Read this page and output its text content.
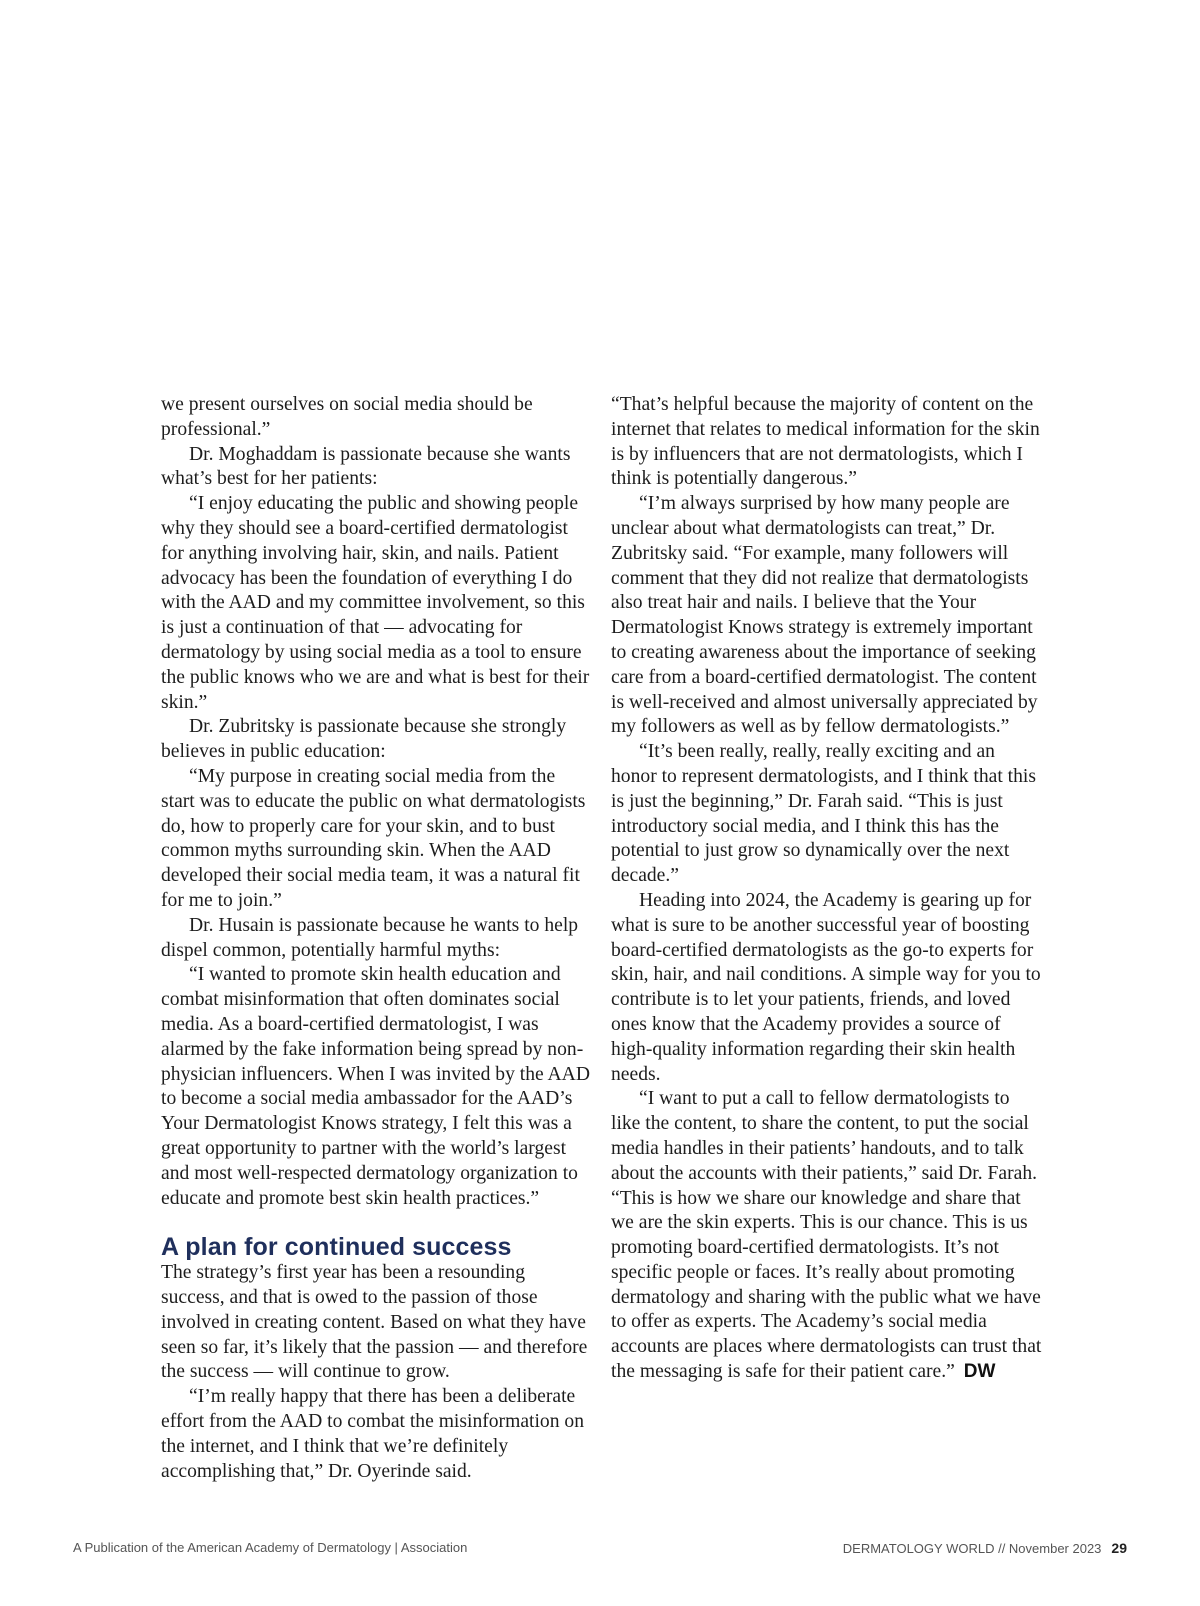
we present ourselves on social media should be professional.”

Dr. Moghaddam is passionate because she wants what’s best for her patients:

“I enjoy educating the public and showing people why they should see a board-certified dermatologist for anything involving hair, skin, and nails. Patient advocacy has been the foundation of everything I do with the AAD and my committee involvement, so this is just a continuation of that — advocating for dermatology by using social media as a tool to ensure the public knows who we are and what is best for their skin.”

Dr. Zubritsky is passionate because she strongly believes in public education:

“My purpose in creating social media from the start was to educate the public on what dermatologists do, how to properly care for your skin, and to bust common myths surrounding skin. When the AAD developed their social media team, it was a natural fit for me to join.”

Dr. Husain is passionate because he wants to help dispel common, potentially harmful myths:

“I wanted to promote skin health education and combat misinformation that often dominates social media. As a board-certified dermatologist, I was alarmed by the fake information being spread by non-physician influencers. When I was invited by the AAD to become a social media ambassador for the AAD’s Your Dermatologist Knows strategy, I felt this was a great opportunity to partner with the world’s largest and most well-respected dermatology organization to educate and promote best skin health practices.”

A plan for continued success

The strategy’s first year has been a resounding success, and that is owed to the passion of those involved in creating content. Based on what they have seen so far, it’s likely that the passion — and therefore the success — will continue to grow.

“I’m really happy that there has been a deliberate effort from the AAD to combat the misinformation on the internet, and I think that we’re definitely accomplishing that,” Dr. Oyerinde said.

“That’s helpful because the majority of content on the internet that relates to medical information for the skin is by influencers that are not dermatologists, which I think is potentially dangerous.”

“I’m always surprised by how many people are unclear about what dermatologists can treat,” Dr. Zubritsky said. “For example, many followers will comment that they did not realize that dermatologists also treat hair and nails. I believe that the Your Dermatologist Knows strategy is extremely important to creating awareness about the importance of seeking care from a board-certified dermatologist. The content is well-received and almost universally appreciated by my followers as well as by fellow dermatologists.”

“It’s been really, really, really exciting and an honor to represent dermatologists, and I think that this is just the beginning,” Dr. Farah said. “This is just introductory social media, and I think this has the potential to just grow so dynamically over the next decade.”

Heading into 2024, the Academy is gearing up for what is sure to be another successful year of boosting board-certified dermatologists as the go-to experts for skin, hair, and nail conditions. A simple way for you to contribute is to let your patients, friends, and loved ones know that the Academy provides a source of high-quality information regarding their skin health needs.

“I want to put a call to fellow dermatologists to like the content, to share the content, to put the social media handles in their patients’ handouts, and to talk about the accounts with their patients,” said Dr. Farah. “This is how we share our knowledge and share that we are the skin experts. This is our chance. This is us promoting board-certified dermatologists. It’s not specific people or faces. It’s really about promoting dermatology and sharing with the public what we have to offer as experts. The Academy’s social media accounts are places where dermatologists can trust that the messaging is safe for their patient care.” DW

A Publication of the American Academy of Dermatology | Association	DERMATOLOGY WORLD // November 2023 29
